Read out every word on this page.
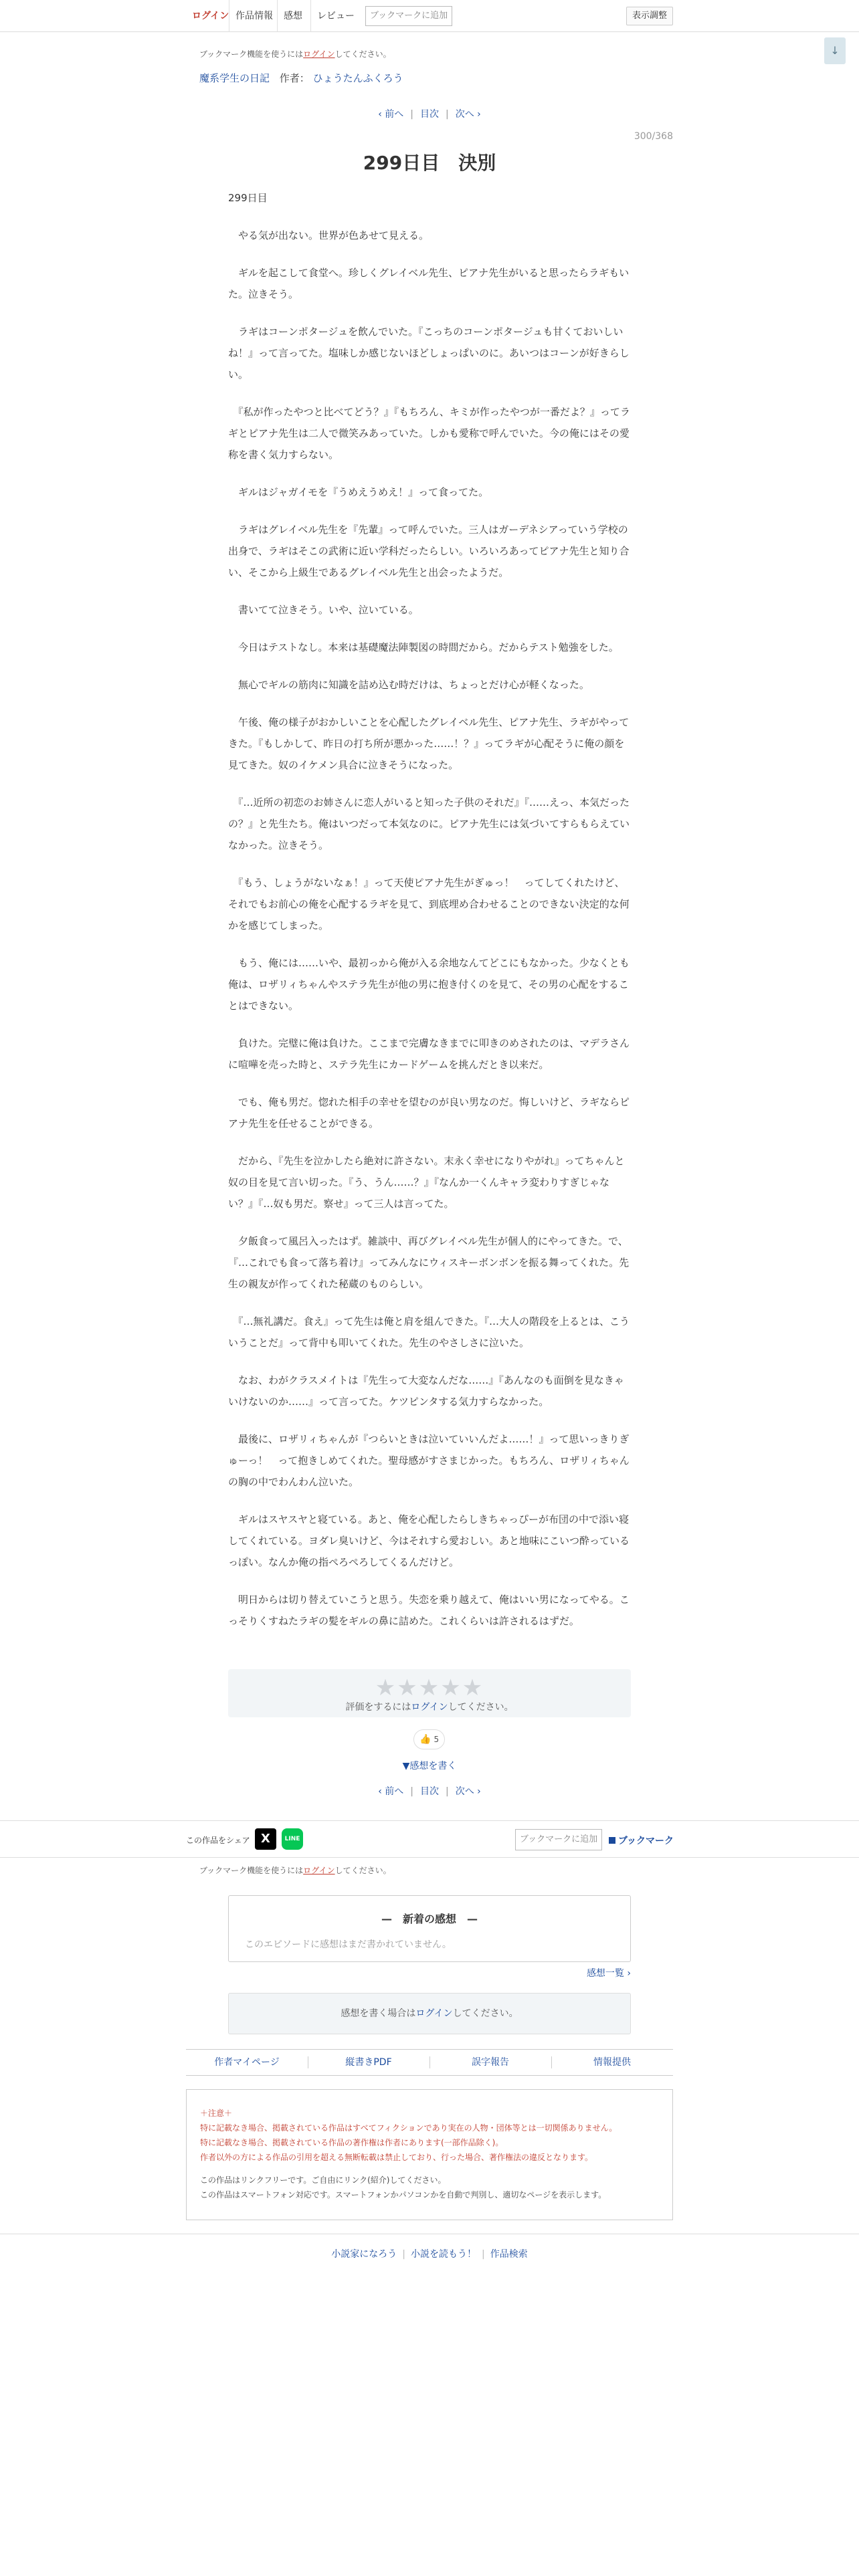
ログイン 作品情報	感想	レビュー	ブックマークに追加	表示調整
↓
ブックマーク機能を使うにはログインしてください。
魔系学生の日記 作者： ひょうたんふくろう
‹ 前へ | 目次 | 次へ ›
300/368
299日目　決別

299日目

　やる気が出ない。世界が色あせて見える。

　ギルを起こして食堂へ。珍しくグレイベル先生、ピアナ先生がいると思ったらラギもいた。泣きそう。

　ラギはコーンポタージュを飲んでいた。『こっちのコーンポタージュも甘くておいしいね！』って言ってた。塩味しか感じないほどしょっぱいのに。あいつはコーンが好きらしい。

　『私が作ったやつと比べてどう？』『もちろん、キミが作ったやつが一番だよ？』ってラギとピアナ先生は二人で微笑みあっていた。しかも愛称で呼んでいた。今の俺にはその愛称を書く気力すらない。

　ギルはジャガイモを『うめえうめえ！』って食ってた。

　ラギはグレイベル先生を『先輩』って呼んでいた。三人はガーデネシアっていう学校の出身で、ラギはそこの武術に近い学科だったらしい。いろいろあってピアナ先生と知り合い、そこから上級生であるグレイベル先生と出会ったようだ。

　書いてて泣きそう。いや、泣いている。

　今日はテストなし。本来は基礎魔法陣製図の時間だから。だからテスト勉強をした。

　無心でギルの筋肉に知識を詰め込む時だけは、ちょっとだけ心が軽くなった。

　午後、俺の様子がおかしいことを心配したグレイベル先生、ピアナ先生、ラギがやってきた。『もしかして、昨日の打ち所が悪かった……！？』ってラギが心配そうに俺の顔を見てきた。奴のイケメン具合に泣きそうになった。

　『…近所の初恋のお姉さんに恋人がいると知った子供のそれだ』『……えっ、本気だったの？』と先生たち。俺はいつだって本気なのに。ピアナ先生には気づいてすらもらえていなかった。泣きそう。

　『もう、しょうがないなぁ！』って天使ピアナ先生がぎゅっ！　ってしてくれたけど、それでもお前心の俺を心配するラギを見て、到底埋め合わせることのできない決定的な何かを感じてしまった。

　もう、俺には……いや、最初っから俺が入る余地なんてどこにもなかった。少なくとも俺は、ロザリィちゃんやステラ先生が他の男に抱き付くのを見て、その男の心配をすることはできない。

　負けた。完璧に俺は負けた。ここまで完膚なきまでに叩きのめされたのは、マデラさんに喧嘩を売った時と、ステラ先生にカードゲームを挑んだとき以来だ。

　でも、俺も男だ。惚れた相手の幸せを望むのが良い男なのだ。悔しいけど、ラギならピアナ先生を任せることができる。

　だから、『先生を泣かしたら絶対に許さない。末永く幸せになりやがれ』ってちゃんと奴の目を見て言い切った。『う、うん……？』『なんか一くんキャラ変わりすぎじゃない？』『…奴も男だ。察せ』って三人は言ってた。

　夕飯食って風呂入ったはず。雑談中、再びグレイベル先生が個人的にやってきた。で、『…これでも食って落ち着け』ってみんなにウィスキーボンボンを振る舞ってくれた。先生の親友が作ってくれた秘蔵のものらしい。

　『…無礼講だ。食え』って先生は俺と肩を組んできた。『…大人の階段を上るとは、こういうことだ』って背中も叩いてくれた。先生のやさしさに泣いた。

　なお、わがクラスメイトは『先生って大変なんだな……』『あんなのも面倒を見なきゃいけないのか……』って言ってた。ケツピンタする気力すらなかった。

　最後に、ロザリィちゃんが『つらいときは泣いていいんだよ……！』って思いっきりぎゅーっ！　って抱きしめてくれた。聖母感がすさまじかった。もちろん、ロザリィちゃんの胸の中でわんわん泣いた。

　ギルはスヤスヤと寝ている。あと、俺を心配したらしきちゃっぴーが布団の中で添い寝してくれている。ヨダレ臭いけど、今はそれすら愛おしい。あと地味にこいつ酔っているっぽい。なんか俺の指ぺろぺろしてくるんだけど。

　明日からは切り替えていこうと思う。失恋を乗り越えて、俺はいい男になってやる。こっそりくすねたラギの髪をギルの鼻に詰めた。これくらいは許されるはずだ。

★★★★★
評価をするにはログインしてください。
👍 5
▼感想を書く
‹ 前へ | 目次 | 次へ ›
この作品をシェア X	LINE	ブックマークに追加	ブックマーク
ブックマーク機能を使うにはログインしてください。
—　新着の感想　—
このエピソードに感想はまだ書かれていません。
感想一覧 ›
感想を書く場合はログインしてください。
作者マイページ	縦書きPDF	誤字報告	情報提供

＋注意＋

特に記載なき場合、掲載されている作品はすべてフィクションであり実在の人物・団体等とは一切関係ありません。

特に記載なき場合、掲載されている作品の著作権は作者にあります(一部作品除く)。

作者以外の方による作品の引用を超える無断転載は禁止しており、行った場合、著作権法の違反となります。

この作品はリンクフリーです。ご自由にリンク(紹介)してください。

この作品はスマートフォン対応です。スマートフォンかパソコンかを自動で判別し、適切なページを表示します。

小説家になろう | 小説を読もう！ | 作品検索
